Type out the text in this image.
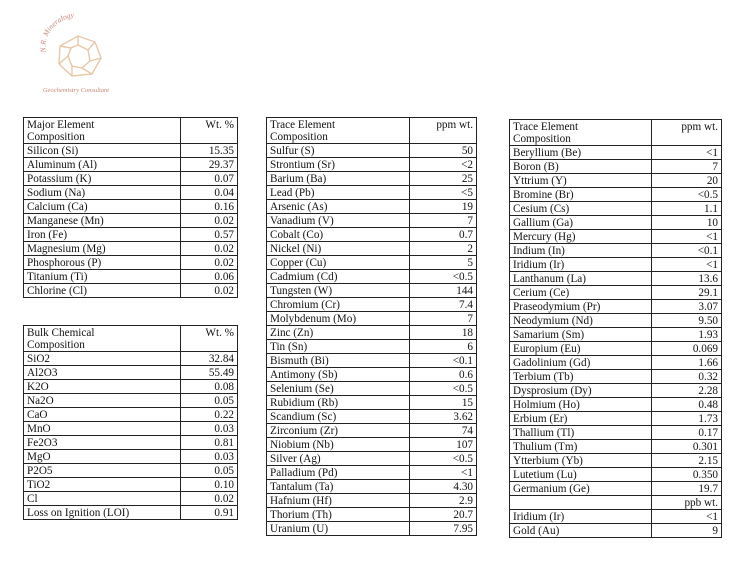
N.R. Mineralogy
Geochemistry Consultant
Major Element
Composition	Wt. %
Silicon (Si)	15.35
Aluminum (Al)	29.37
Potassium (K)	0.07
Sodium (Na)	0.04
Calcium (Ca)	0.16
Manganese (Mn)	0.02
Iron (Fe)	0.57
Magnesium (Mg)	0.02
Phosphorous (P)	0.02
Titanium (Ti)	0.06
Chlorine (Cl)	0.02
Bulk Chemical
Composition	Wt. %
SiO2	32.84
Al2O3	55.49
K2O	0.08
Na2O	0.05
CaO	0.22
MnO	0.03
Fe2O3	0.81
MgO	0.03
P2O5	0.05
TiO2	0.10
Cl	0.02
Loss on Ignition (LOI)	0.91
Trace Element
Composition	ppm wt.
Sulfur (S)	50
Strontium (Sr)	<2
Barium (Ba)	25
Lead (Pb)	<5
Arsenic (As)	19
Vanadium (V)	7
Cobalt (Co)	0.7
Nickel (Ni)	2
Copper (Cu)	5
Cadmium (Cd)	<0.5
Tungsten (W)	144
Chromium (Cr)	7.4
Molybdenum (Mo)	7
Zinc (Zn)	18
Tin (Sn)	6
Bismuth (Bi)	<0.1
Antimony (Sb)	0.6
Selenium (Se)	<0.5
Rubidium (Rb)	15
Scandium (Sc)	3.62
Zirconium (Zr)	74
Niobium (Nb)	107
Silver (Ag)	<0.5
Palladium (Pd)	<1
Tantalum (Ta)	4.30
Hafnium (Hf)	2.9
Thorium (Th)	20.7
Uranium (U)	7.95
Trace Element
Composition	ppm wt.
Beryllium (Be)	<1
Boron (B)	7
Yttrium (Y)	20
Bromine (Br)	<0.5
Cesium (Cs)	1.1
Gallium (Ga)	10
Mercury (Hg)	<1
Indium (In)	<0.1
Iridium (Ir)	<1
Lanthanum (La)	13.6
Cerium (Ce)	29.1
Praseodymium (Pr)	3.07
Neodymium (Nd)	9.50
Samarium (Sm)	1.93
Europium (Eu)	0.069
Gadolinium (Gd)	1.66
Terbium (Tb)	0.32
Dysprosium (Dy)	2.28
Holmium (Ho)	0.48
Erbium (Er)	1.73
Thallium (Tl)	0.17
Thulium (Tm)	0.301
Ytterbium (Yb)	2.15
Lutetium (Lu)	0.350
Germanium (Ge)	19.7
	ppb wt.
Iridium (Ir)	<1
Gold (Au)	9
